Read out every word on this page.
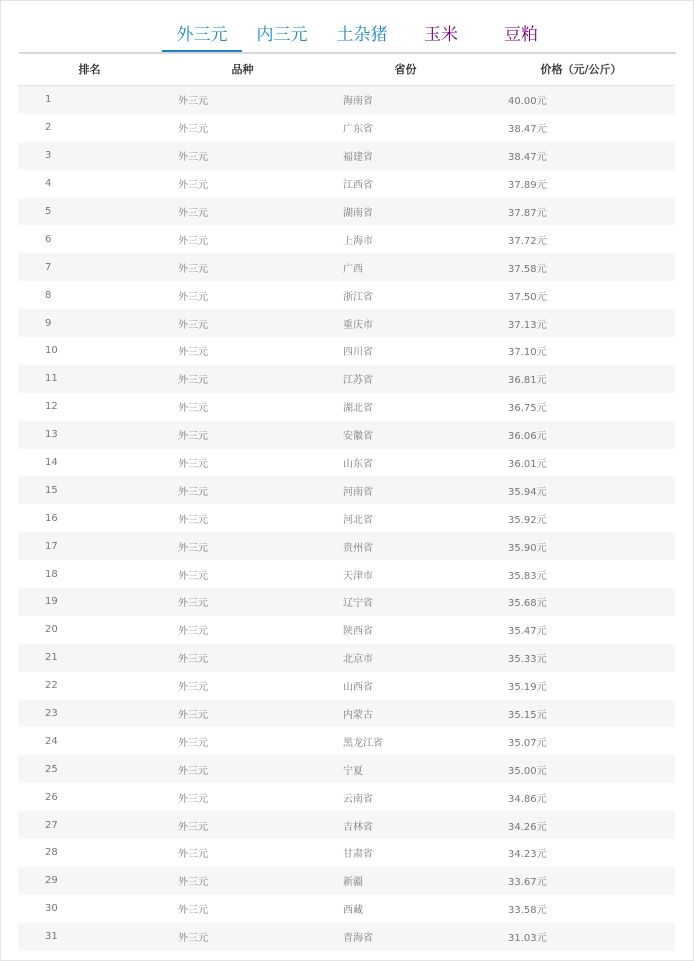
外三元	内三元 土杂猪	玉米	豆粕
排名	品种	省份	价格（元/公斤）
1	外三元	海南省	40.00元
2	外三元	广东省	38.47元
3	外三元	福建省	38.47元
4	外三元	江西省	37.89元
5	外三元	湖南省	37.87元
6	外三元	上海市	37.72元
7	外三元	广西	37.58元
8	外三元	浙江省	37.50元
9	外三元	重庆市	37.13元
10	外三元	四川省	37.10元
11	外三元	江苏省	36.81元
12	外三元	湖北省	36.75元
13	外三元	安徽省	36.06元
14	外三元	山东省	36.01元
15	外三元	河南省	35.94元
16	外三元	河北省	35.92元
17	外三元	贵州省	35.90元
18	外三元	天津市	35.83元
19	外三元	辽宁省	35.68元
20	外三元	陕西省	35.47元
21	外三元	北京市	35.33元
22	外三元	山西省	35.19元
23	外三元	内蒙古	35.15元
24	外三元	黑龙江省	35.07元
25	外三元	宁夏	35.00元
26	外三元	云南省	34.86元
27	外三元	吉林省	34.26元
28	外三元	甘肃省	34.23元
29	外三元	新疆	33.67元
30	外三元	西藏	33.58元
31	外三元	青海省	31.03元
